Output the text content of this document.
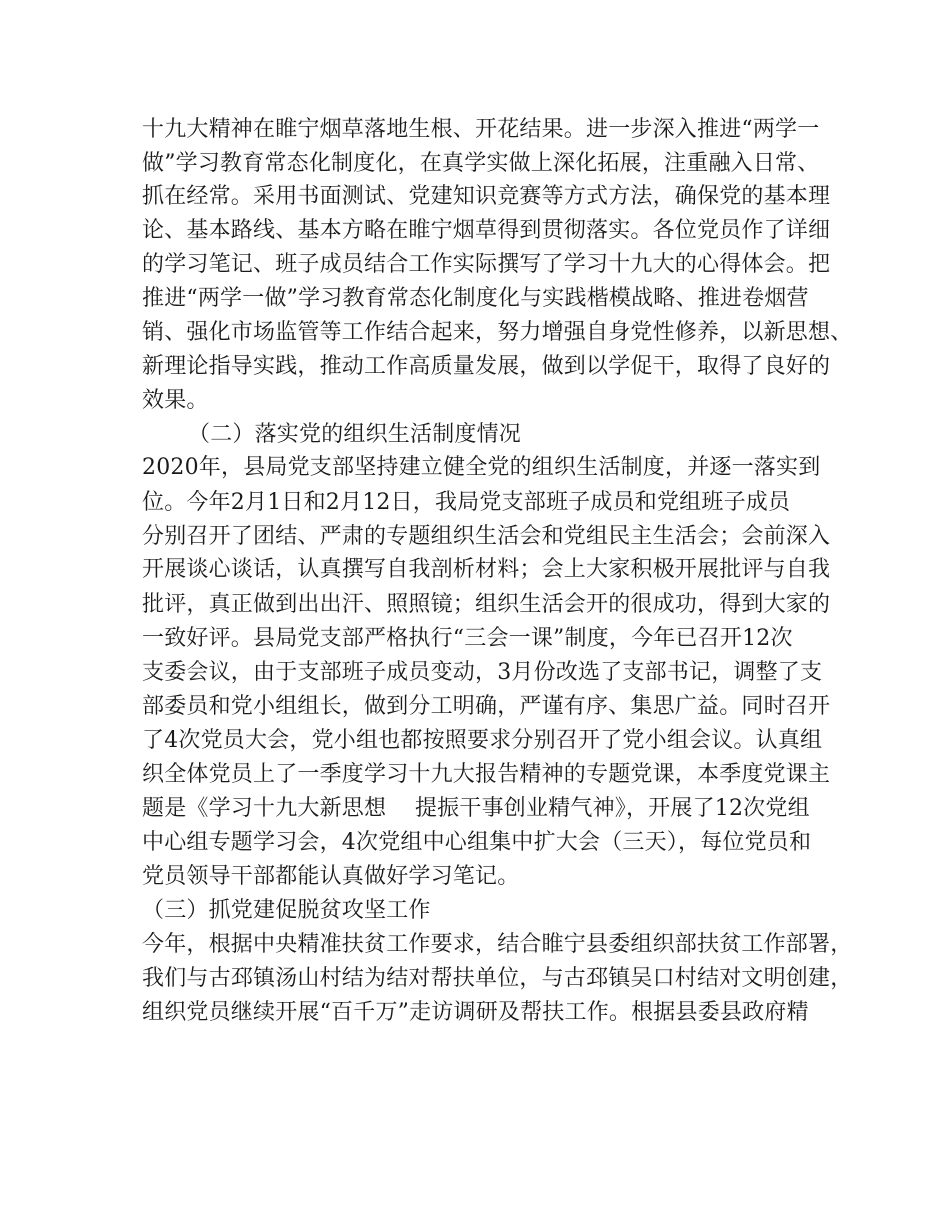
十九大精神在睢宁烟草落地生根、开花结果。进一步深入推进“两学一
做”学习教育常态化制度化，在真学实做上深化拓展，注重融入日常、
抓在经常。采用书面测试、党建知识竞赛等方式方法，确保党的基本理
论、基本路线、基本方略在睢宁烟草得到贯彻落实。各位党员作了详细
的学习笔记、班子成员结合工作实际撰写了学习十九大的心得体会。把
推进“两学一做”学习教育常态化制度化与实践楷模战略、推进卷烟营
销、强化市场监管等工作结合起来，努力增强自身党性修养，以新思想、
新理论指导实践，推动工作高质量发展，做到以学促干，取得了良好的
效果。
（二）落实党的组织生活制度情况
2020年，县局党支部坚持建立健全党的组织生活制度，并逐一落实到
位。今年2月1日和2月12日，我局党支部班子成员和党组班子成员
分别召开了团结、严肃的专题组织生活会和党组民主生活会；会前深入
开展谈心谈话，认真撰写自我剖析材料；会上大家积极开展批评与自我
批评，真正做到出出汗、照照镜；组织生活会开的很成功，得到大家的
一致好评。县局党支部严格执行“三会一课”制度，今年已召开12次
支委会议，由于支部班子成员变动，3月份改选了支部书记，调整了支
部委员和党小组组长，做到分工明确，严谨有序、集思广益。同时召开
了4次党员大会，党小组也都按照要求分别召开了党小组会议。认真组
织全体党员上了一季度学习十九大报告精神的专题党课，本季度党课主
题是《学习十九大新思想    提振干事创业精气神》，开展了12次党组
中心组专题学习会，4次党组中心组集中扩大会（三天），每位党员和
党员领导干部都能认真做好学习笔记。
（三）抓党建促脱贫攻坚工作
今年，根据中央精准扶贫工作要求，结合睢宁县委组织部扶贫工作部署，
我们与古邳镇汤山村结为结对帮扶单位，与古邳镇吴口村结对文明创建，
组织党员继续开展“百千万”走访调研及帮扶工作。根据县委县政府精
